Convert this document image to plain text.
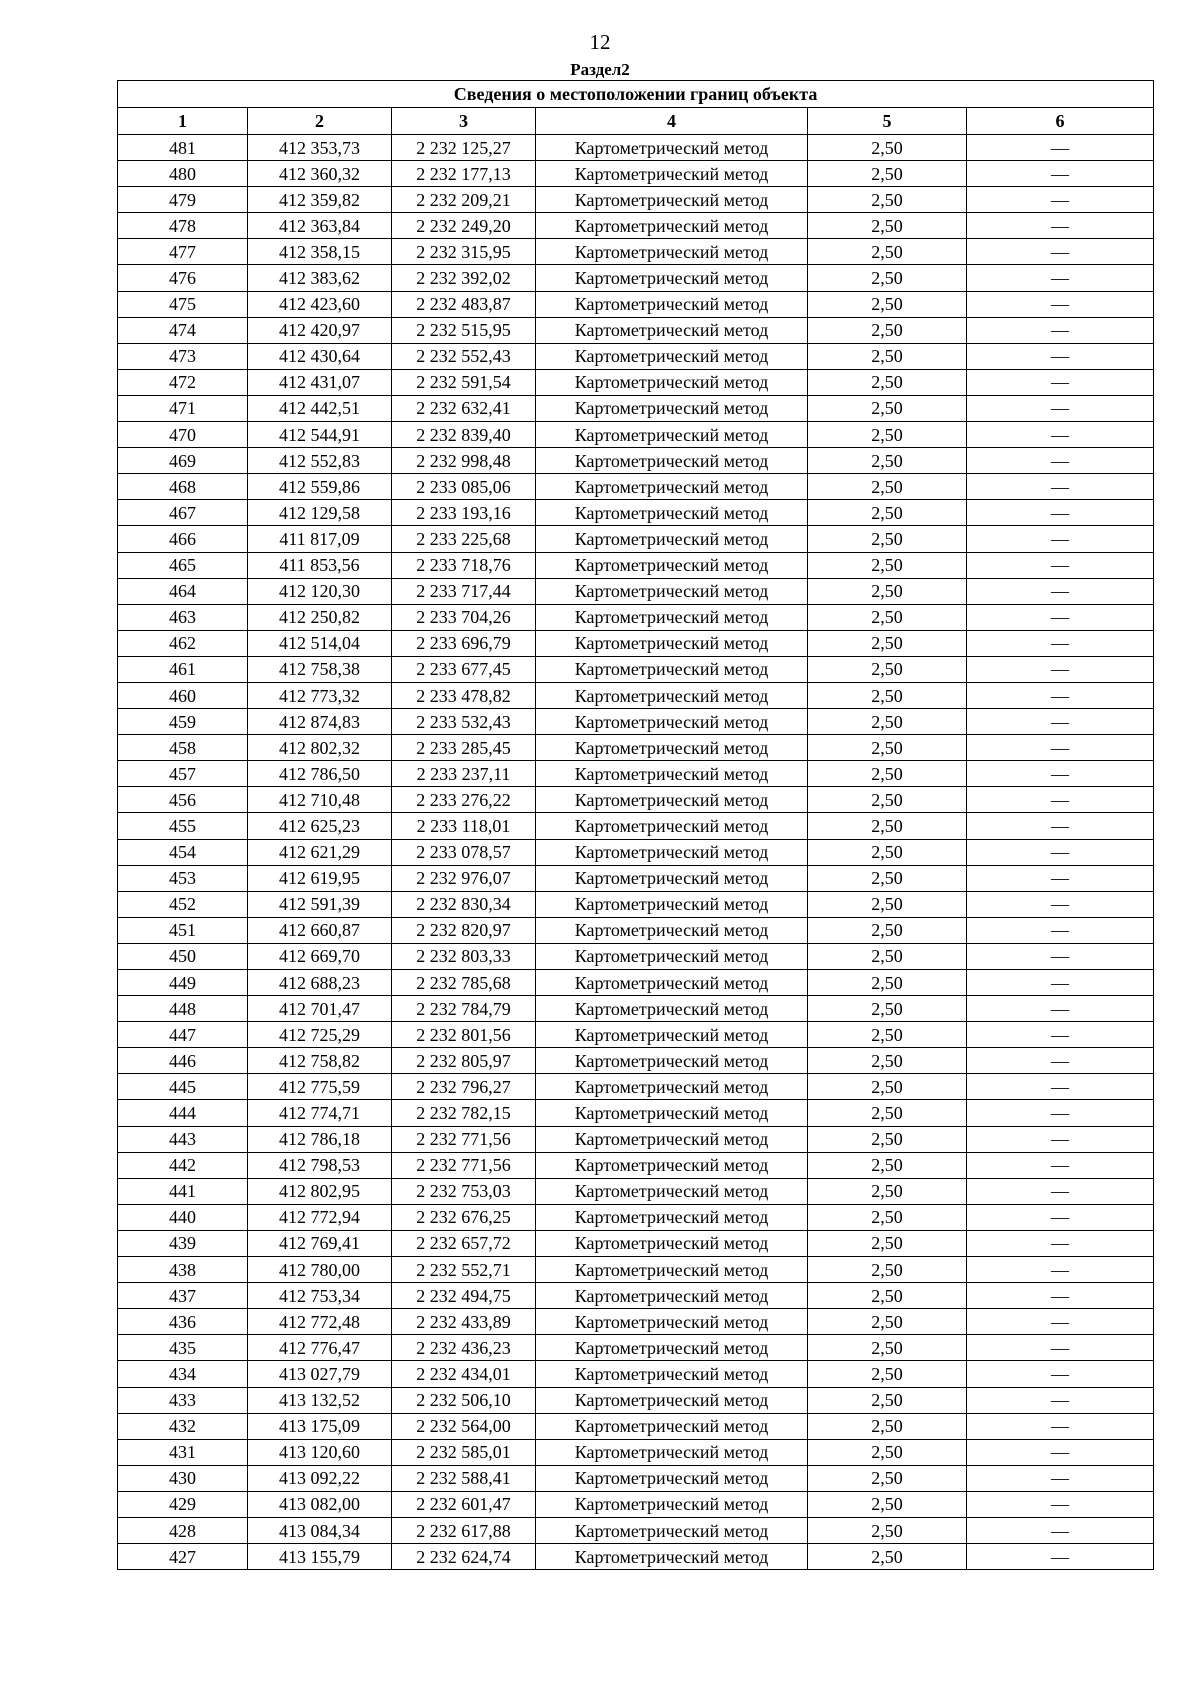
12
Раздел2
Сведения о местоположении границ объекта					
1	2	3	4	5	6
481	412 353,73	2 232 125,27	Картометрический метод	2,50	—
480	412 360,32	2 232 177,13	Картометрический метод	2,50	—
479	412 359,82	2 232 209,21	Картометрический метод	2,50	—
478	412 363,84	2 232 249,20	Картометрический метод	2,50	—
477	412 358,15	2 232 315,95	Картометрический метод	2,50	—
476	412 383,62	2 232 392,02	Картометрический метод	2,50	—
475	412 423,60	2 232 483,87	Картометрический метод	2,50	—
474	412 420,97	2 232 515,95	Картометрический метод	2,50	—
473	412 430,64	2 232 552,43	Картометрический метод	2,50	—
472	412 431,07	2 232 591,54	Картометрический метод	2,50	—
471	412 442,51	2 232 632,41	Картометрический метод	2,50	—
470	412 544,91	2 232 839,40	Картометрический метод	2,50	—
469	412 552,83	2 232 998,48	Картометрический метод	2,50	—
468	412 559,86	2 233 085,06	Картометрический метод	2,50	—
467	412 129,58	2 233 193,16	Картометрический метод	2,50	—
466	411 817,09	2 233 225,68	Картометрический метод	2,50	—
465	411 853,56	2 233 718,76	Картометрический метод	2,50	—
464	412 120,30	2 233 717,44	Картометрический метод	2,50	—
463	412 250,82	2 233 704,26	Картометрический метод	2,50	—
462	412 514,04	2 233 696,79	Картометрический метод	2,50	—
461	412 758,38	2 233 677,45	Картометрический метод	2,50	—
460	412 773,32	2 233 478,82	Картометрический метод	2,50	—
459	412 874,83	2 233 532,43	Картометрический метод	2,50	—
458	412 802,32	2 233 285,45	Картометрический метод	2,50	—
457	412 786,50	2 233 237,11	Картометрический метод	2,50	—
456	412 710,48	2 233 276,22	Картометрический метод	2,50	—
455	412 625,23	2 233 118,01	Картометрический метод	2,50	—
454	412 621,29	2 233 078,57	Картометрический метод	2,50	—
453	412 619,95	2 232 976,07	Картометрический метод	2,50	—
452	412 591,39	2 232 830,34	Картометрический метод	2,50	—
451	412 660,87	2 232 820,97	Картометрический метод	2,50	—
450	412 669,70	2 232 803,33	Картометрический метод	2,50	—
449	412 688,23	2 232 785,68	Картометрический метод	2,50	—
448	412 701,47	2 232 784,79	Картометрический метод	2,50	—
447	412 725,29	2 232 801,56	Картометрический метод	2,50	—
446	412 758,82	2 232 805,97	Картометрический метод	2,50	—
445	412 775,59	2 232 796,27	Картометрический метод	2,50	—
444	412 774,71	2 232 782,15	Картометрический метод	2,50	—
443	412 786,18	2 232 771,56	Картометрический метод	2,50	—
442	412 798,53	2 232 771,56	Картометрический метод	2,50	—
441	412 802,95	2 232 753,03	Картометрический метод	2,50	—
440	412 772,94	2 232 676,25	Картометрический метод	2,50	—
439	412 769,41	2 232 657,72	Картометрический метод	2,50	—
438	412 780,00	2 232 552,71	Картометрический метод	2,50	—
437	412 753,34	2 232 494,75	Картометрический метод	2,50	—
436	412 772,48	2 232 433,89	Картометрический метод	2,50	—
435	412 776,47	2 232 436,23	Картометрический метод	2,50	—
434	413 027,79	2 232 434,01	Картометрический метод	2,50	—
433	413 132,52	2 232 506,10	Картометрический метод	2,50	—
432	413 175,09	2 232 564,00	Картометрический метод	2,50	—
431	413 120,60	2 232 585,01	Картометрический метод	2,50	—
430	413 092,22	2 232 588,41	Картометрический метод	2,50	—
429	413 082,00	2 232 601,47	Картометрический метод	2,50	—
428	413 084,34	2 232 617,88	Картометрический метод	2,50	—
427	413 155,79	2 232 624,74	Картометрический метод	2,50	—
